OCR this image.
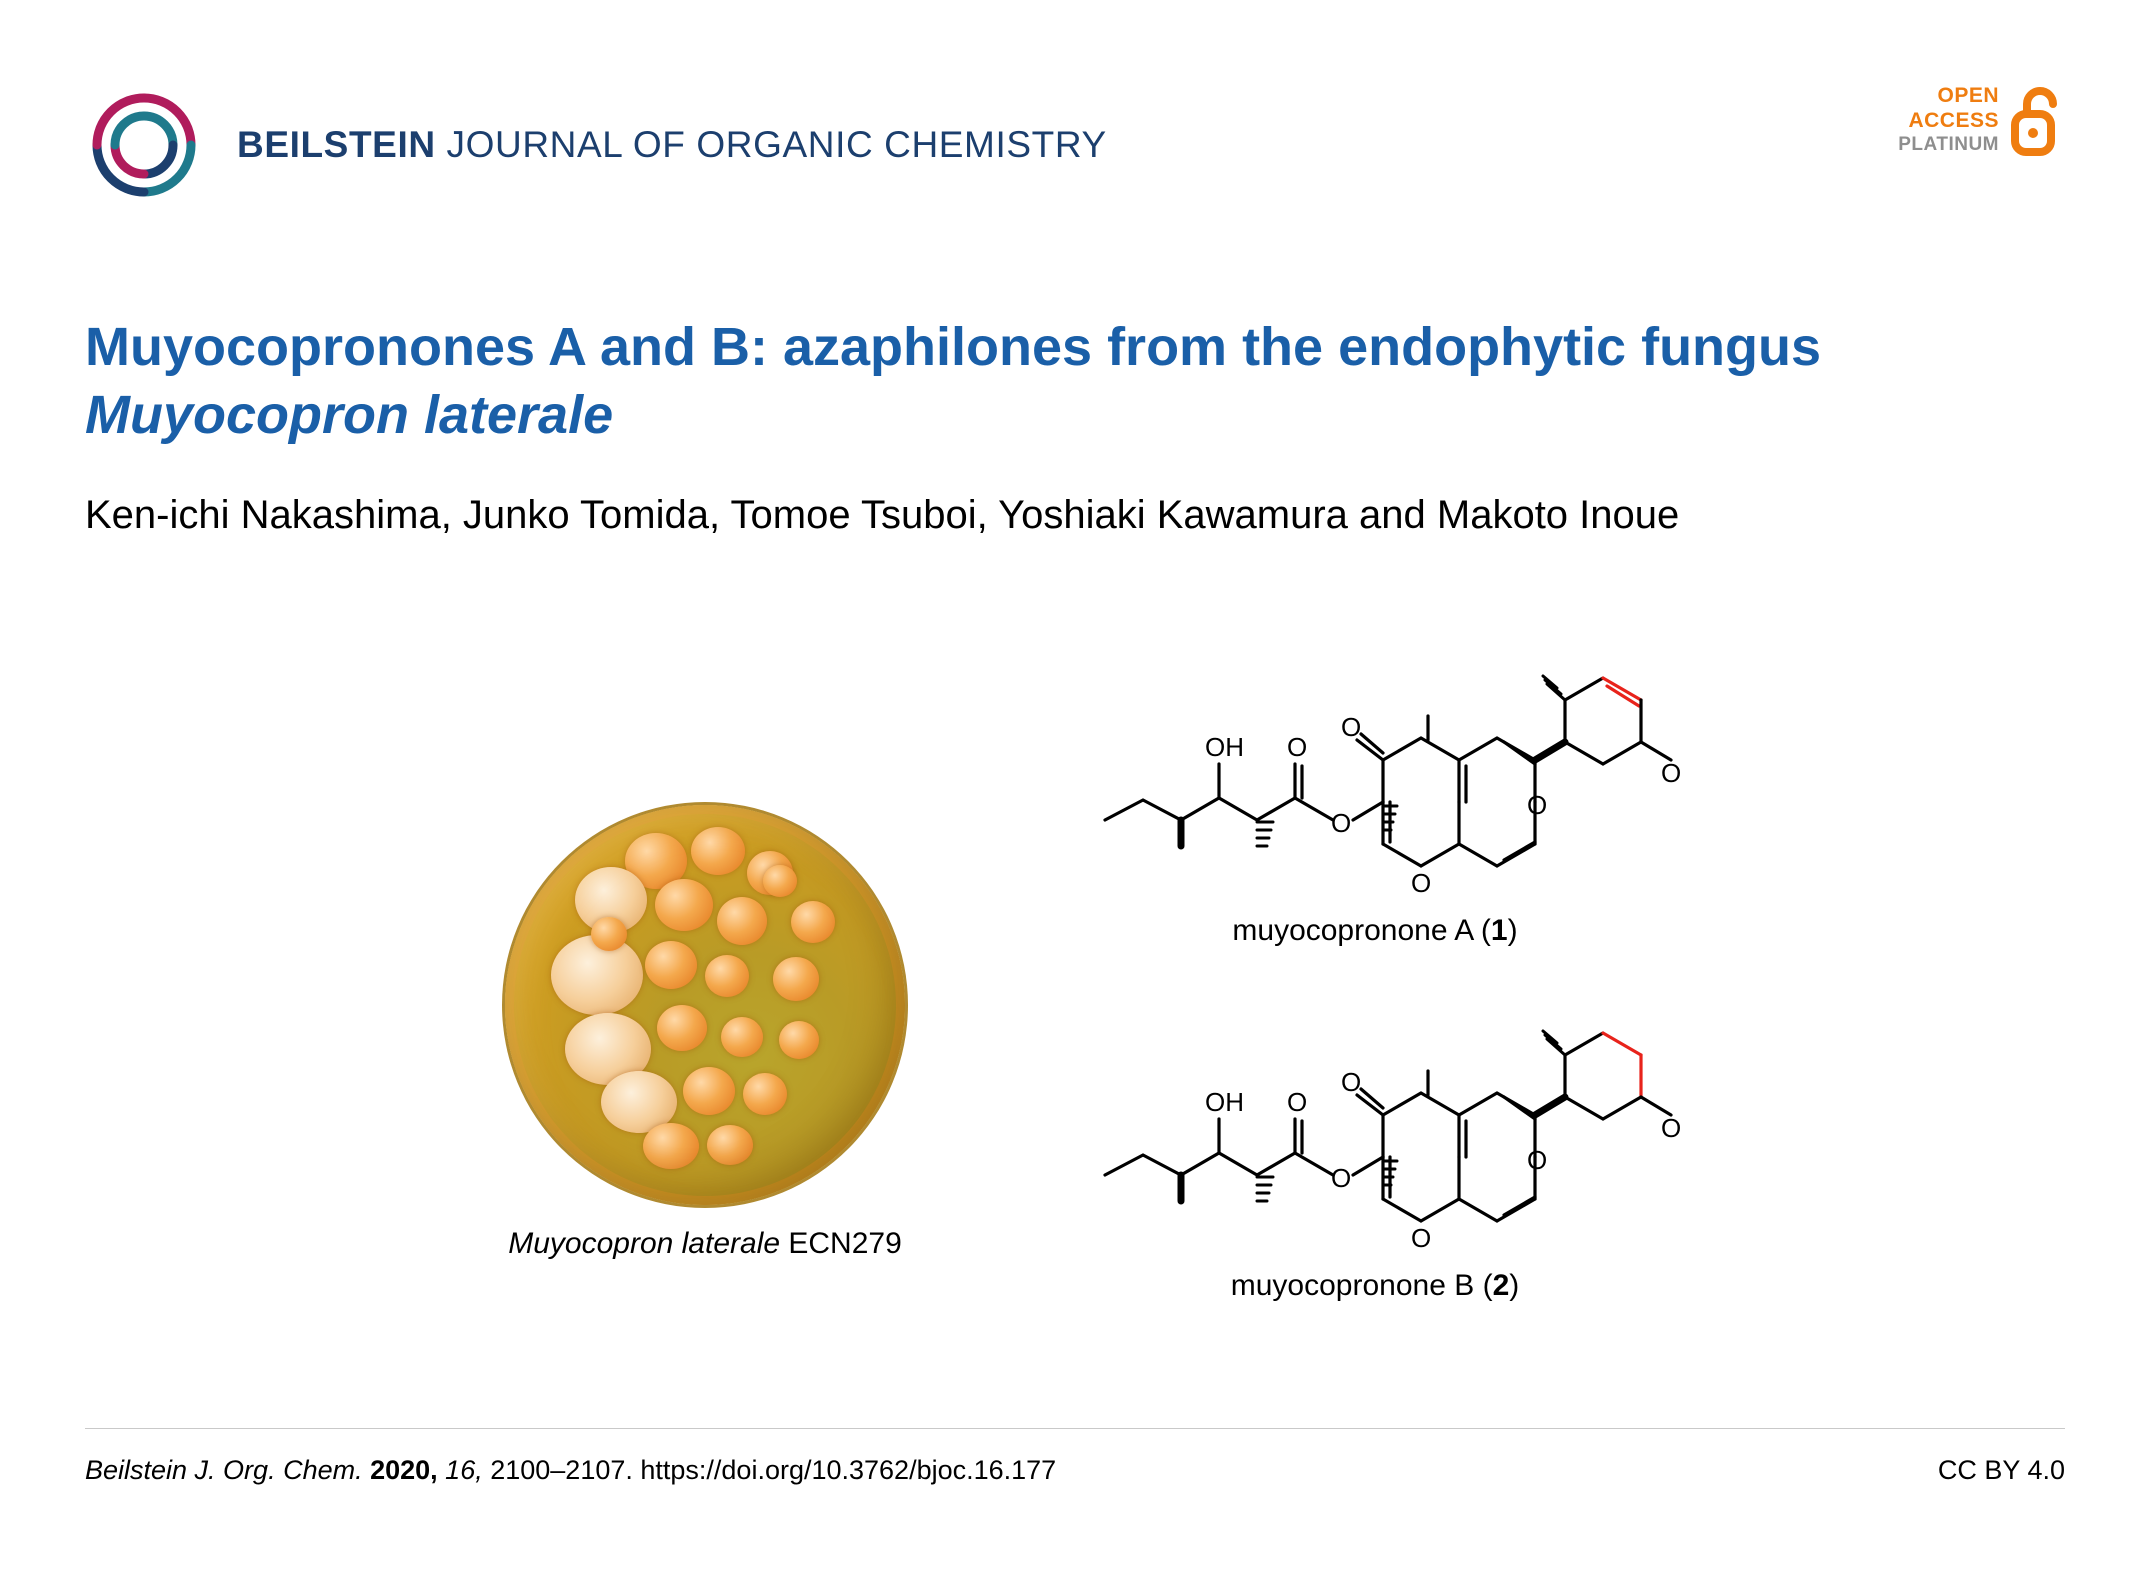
BEILSTEIN JOURNAL OF ORGANIC CHEMISTRY
OPEN
ACCESS
PLATINUM
Muyocopronones A and B: azaphilones from the endophytic fungus Muyocopron laterale
Ken-ichi Nakashima, Junko Tomida, Tomoe Tsuboi, Yoshiaki Kawamura and Makoto Inoue
Muyocopron laterale ECN279
OH O
O
O
O
O
O
muyocopronone A (1)
OH O
O
O
O
O
O
muyocopronone B (2)
Beilstein J. Org. Chem. 2020, 16, 2100–2107. https://doi.org/10.3762/bjoc.16.177	CC BY 4.0
